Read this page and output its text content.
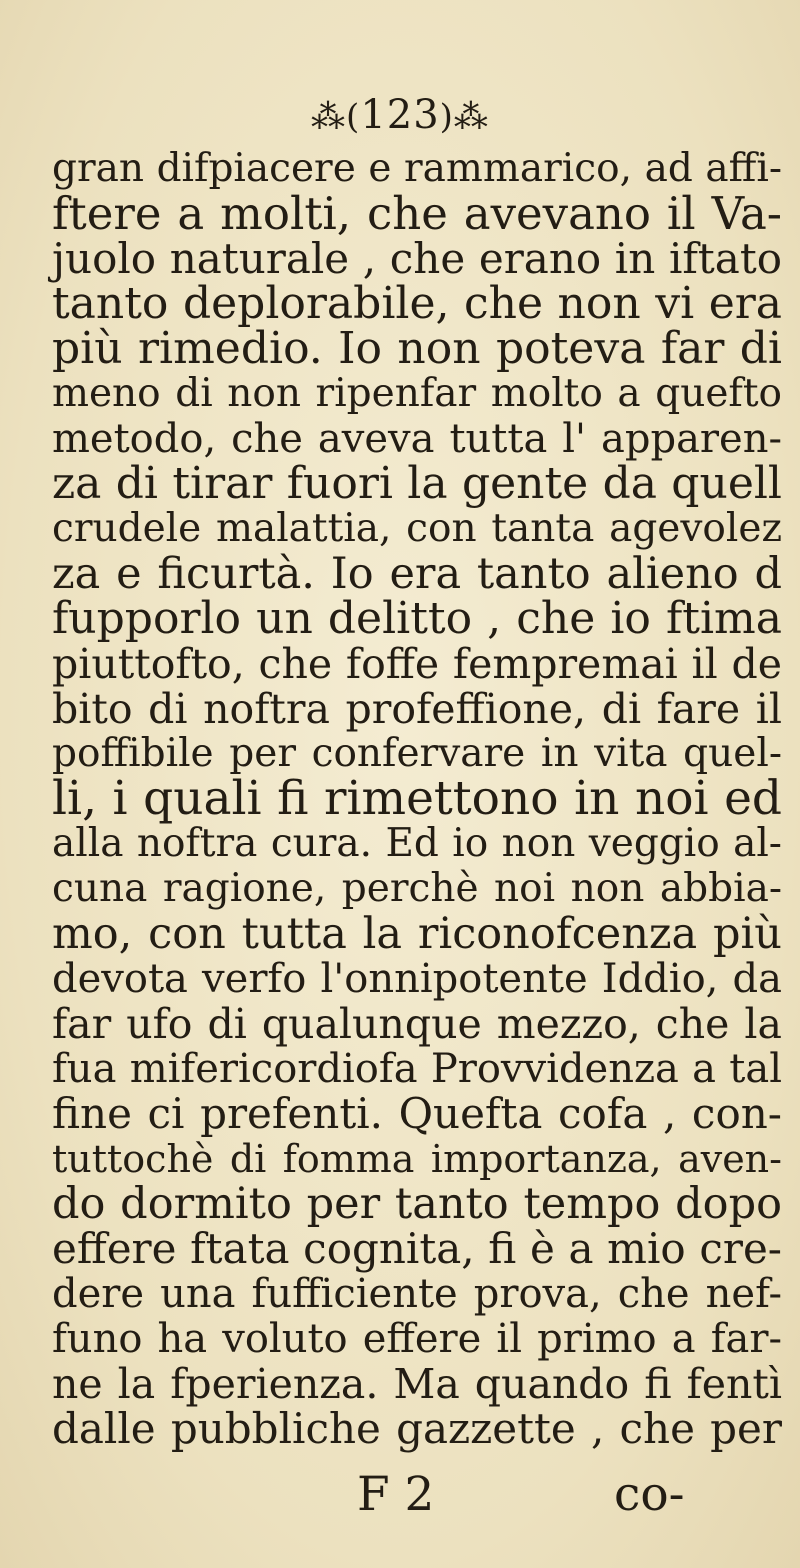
⁂(123)⁂
gran difpiacere e rammarico, ad affi-
ftere a molti, che avevano il Va-
juolo naturale , che erano in iftato
tanto deplorabile, che non vi era
più rimedio. Io non poteva far di
meno di non ripenfar molto a quefto
metodo, che aveva tutta l' apparen-
za di tirar fuori la gente da quell
crudele malattia, con tanta agevolez
za e ficurtà. Io era tanto alieno d
fupporlo un delitto , che io ftima
piuttofto, che foffe fempremai il de
bito di noftra profeffione, di fare il
poffibile per confervare in vita quel-
li, i quali fi rimettono in noi ed
alla noftra cura. Ed io non veggio al-
cuna ragione, perchè noi non abbia-
mo, con tutta la riconofcenza più
devota verfo l'onnipotente Iddio, da
far ufo di qualunque mezzo, che la
fua mifericordiofa Provvidenza a tal
fine ci prefenti. Quefta cofa , con-
tuttochè di fomma importanza, aven-
do dormito per tanto tempo dopo
effere ftata cognita, fi è a mio cre-
dere una fufficiente prova, che nef-
funo ha voluto effere il primo a far-
ne la fperienza. Ma quando fi fentì
dalle pubbliche gazzette , che per
F 2	co-
